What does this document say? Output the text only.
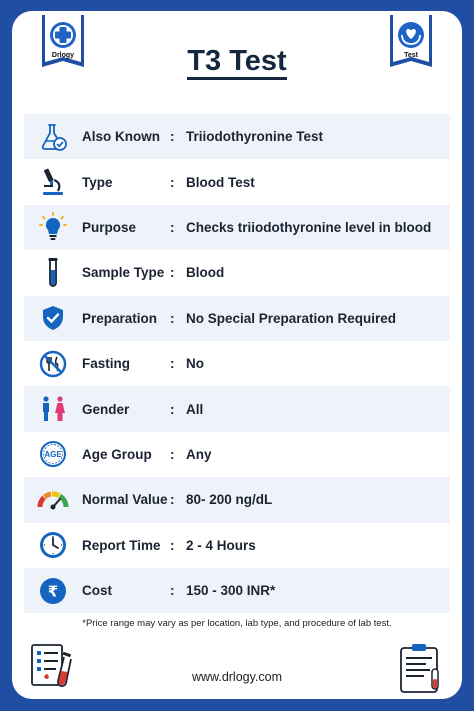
Drlogy	Test
T3 Test
Also Known : Triiodothyronine Test
Type	: Blood Test
Purpose	: Checks triiodothyronine level in blood
Sample Type : Blood
Preparation : No Special Preparation Required
Fasting	: No
Gender	: All
AGE Age Group	: Any
Normal Value : 80- 200 ng/dL
Report Time : 2 - 4 Hours
₹ Cost	: 150 - 300 INR*
*Price range may vary as per location, lab type, and procedure of lab test.
www.drlogy.com
